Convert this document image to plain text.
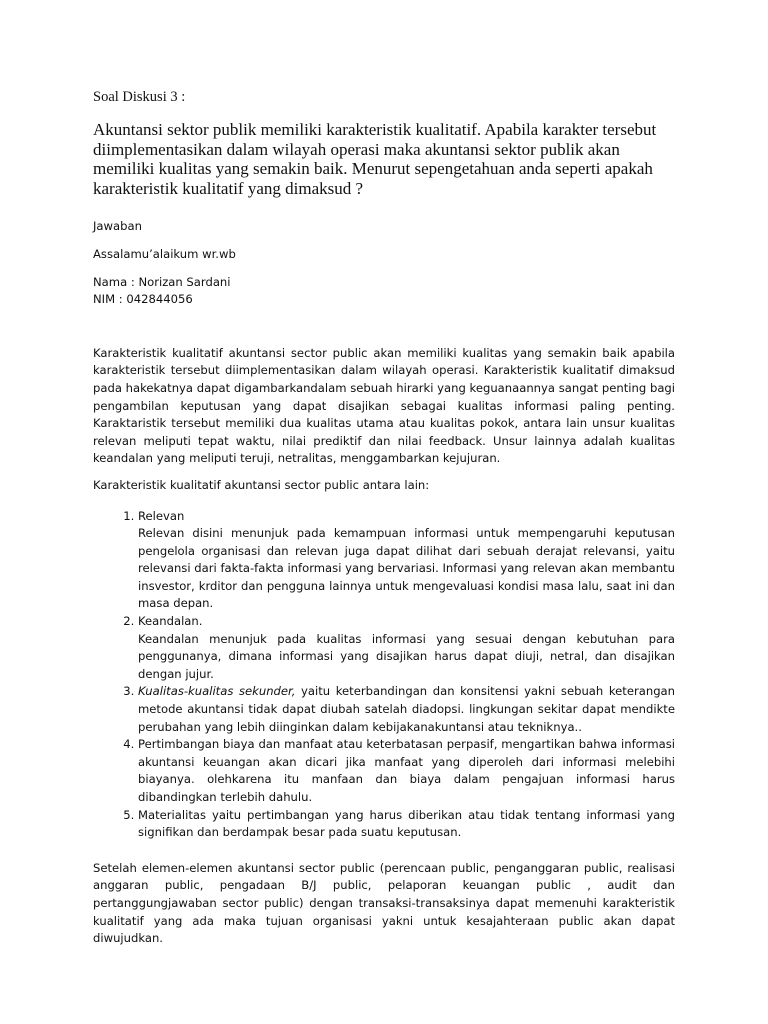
Soal Diskusi 3 :
Akuntansi sektor publik memiliki karakteristik kualitatif. Apabila karakter tersebut diimplementasikan dalam wilayah operasi maka akuntansi sektor publik akan memiliki kualitas yang semakin baik. Menurut sepengetahuan anda seperti apakah karakteristik kualitatif yang dimaksud ?
Jawaban
Assalamu’alaikum wr.wb
Nama : Norizan Sardani
NIM : 042844056
Karakteristik kualitatif akuntansi sector public akan memiliki kualitas yang semakin baik apabila karakteristik tersebut diimplementasikan dalam wilayah operasi. Karakteristik kualitatif dimaksud pada hakekatnya dapat digambarkandalam sebuah hirarki yang keguanaannya sangat penting bagi pengambilan keputusan yang dapat disajikan sebagai kualitas informasi paling penting. Karaktaristik tersebut memiliki dua kualitas utama atau kualitas pokok, antara lain unsur kualitas relevan meliputi tepat waktu, nilai prediktif dan nilai feedback. Unsur lainnya adalah kualitas keandalan yang meliputi teruji, netralitas, menggambarkan kejujuran.
Karakteristik kualitatif akuntansi sector public antara lain:
1. Relevan
Relevan disini menunjuk pada kemampuan informasi untuk mempengaruhi keputusan pengelola organisasi dan relevan juga dapat dilihat dari sebuah derajat relevansi, yaitu relevansi dari fakta-fakta informasi yang bervariasi. Informasi yang relevan akan membantu insvestor, krditor dan pengguna lainnya untuk mengevaluasi kondisi masa lalu, saat ini dan masa depan.
2. Keandalan.
Keandalan menunjuk pada kualitas informasi yang sesuai dengan kebutuhan para penggunanya, dimana informasi yang disajikan harus dapat diuji, netral, dan disajikan dengan jujur.
3. Kualitas-kualitas sekunder, yaitu keterbandingan dan konsitensi yakni sebuah keterangan metode akuntansi tidak dapat diubah satelah diadopsi. lingkungan sekitar dapat mendikte perubahan yang lebih diinginkan dalam kebijakanakuntansi atau tekniknya..
4. Pertimbangan biaya dan manfaat atau keterbatasan perpasif, mengartikan bahwa informasi akuntansi keuangan akan dicari jika manfaat yang diperoleh dari informasi melebihi biayanya. olehkarena itu manfaan dan biaya dalam pengajuan informasi harus dibandingkan terlebih dahulu.
5. Materialitas yaitu pertimbangan yang harus diberikan atau tidak tentang informasi yang signifikan dan berdampak besar pada suatu keputusan.
Setelah elemen-elemen akuntansi sector public (perencaan public, penganggaran public, realisasi anggaran public, pengadaan B/J public, pelaporan keuangan public , audit dan pertanggungjawaban sector public) dengan transaksi-transaksinya dapat memenuhi karakteristik kualitatif yang ada maka tujuan organisasi yakni untuk kesajahteraan public akan dapat diwujudkan.
